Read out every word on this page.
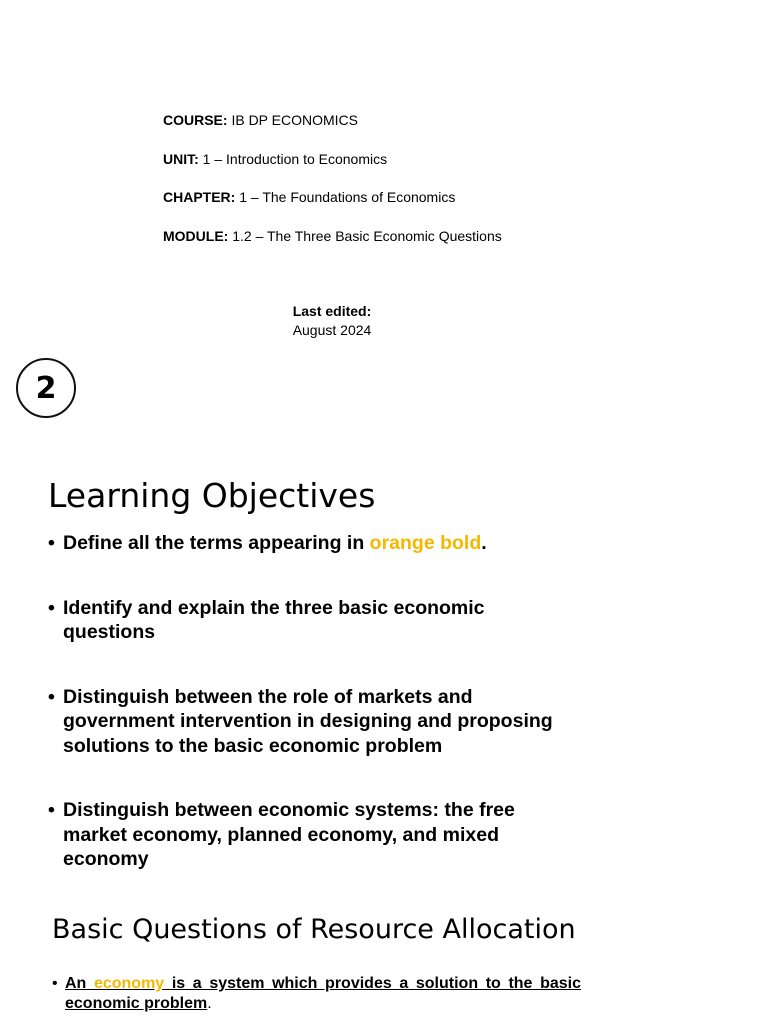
COURSE: IB DP ECONOMICS
UNIT: 1 – Introduction to Economics
CHAPTER: 1 – The Foundations of Economics
MODULE: 1.2 – The Three Basic Economic Questions
Last edited:
August 2024
2
Learning Objectives
• Define all the terms appearing in orange bold.
• Identify and explain the three basic economic questions
• Distinguish between the role of markets and government intervention in designing and proposing solutions to the basic economic problem
• Distinguish between economic systems: the free market economy, planned economy, and mixed economy
Basic Questions of Resource Allocation
• An economy is a system which provides a solution to the basic economic problem.
